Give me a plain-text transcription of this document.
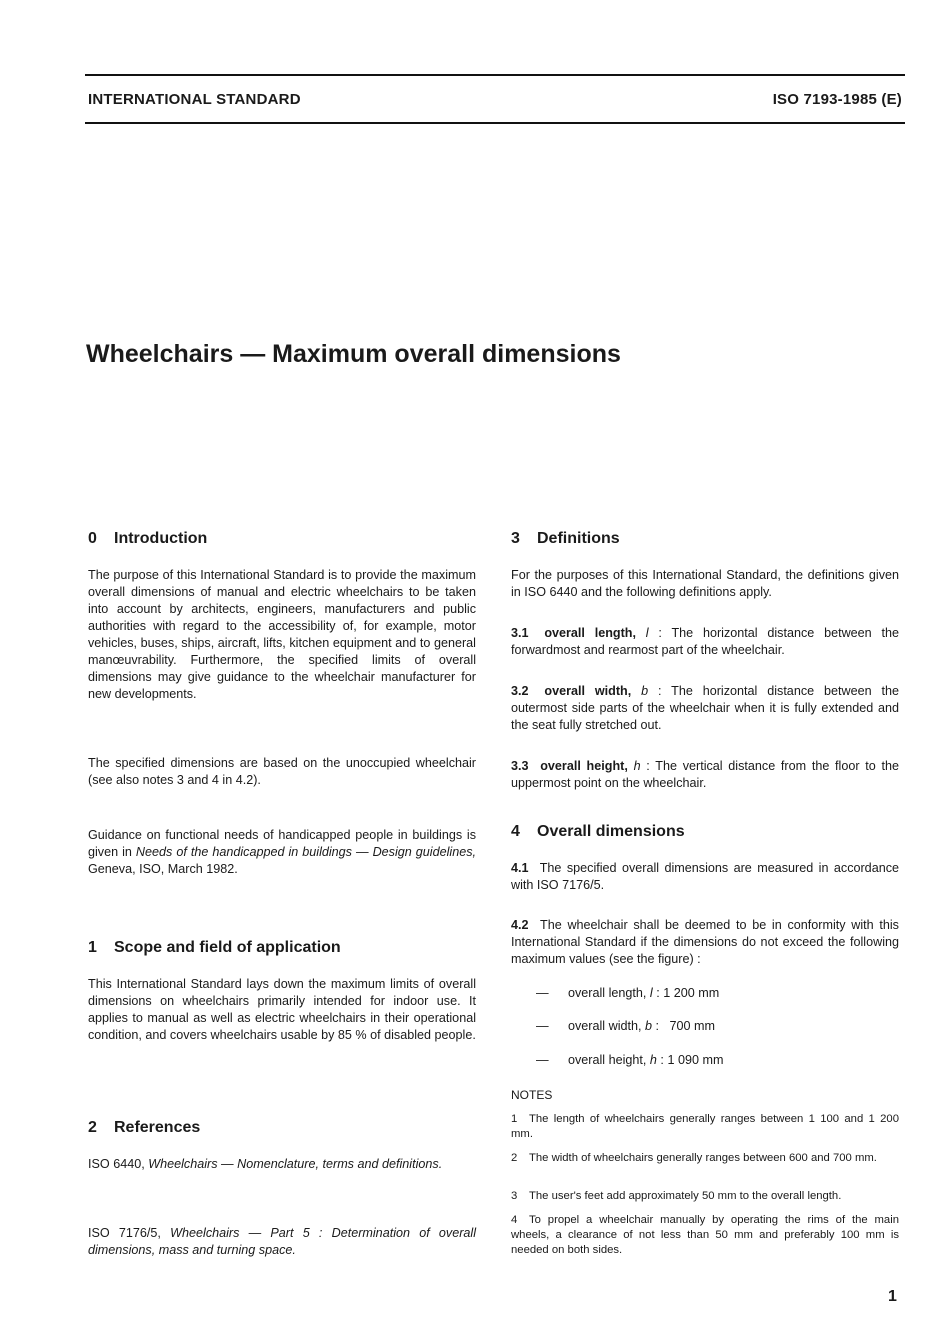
INTERNATIONAL STANDARD	ISO 7193-1985 (E)
Wheelchairs — Maximum overall dimensions
0 Introduction

The purpose of this International Standard is to provide the maximum overall dimensions of manual and electric wheelchairs to be taken into account by architects, engineers, manufacturers and public authorities with regard to the accessibility of, for example, motor vehicles, buses, ships, aircraft, lifts, kitchen equipment and to general manœuvrability. Furthermore, the specified limits of overall dimensions may give guidance to the wheelchair manufacturer for new developments.

The specified dimensions are based on the unoccupied wheelchair (see also notes 3 and 4 in 4.2).

Guidance on functional needs of handicapped people in buildings is given in Needs of the handicapped in buildings — Design guidelines, Geneva, ISO, March 1982.

1 Scope and field of application

This International Standard lays down the maximum limits of overall dimensions on wheelchairs primarily intended for indoor use. It applies to manual as well as electric wheelchairs in their operational condition, and covers wheelchairs usable by 85 % of disabled people.

2 References

ISO 6440, Wheelchairs — Nomenclature, terms and definitions.

ISO 7176/5, Wheelchairs — Part 5 : Determination of overall dimensions, mass and turning space.

3 Definitions

For the purposes of this International Standard, the definitions given in ISO 6440 and the following definitions apply.

3.1 overall length, l : The horizontal distance between the forwardmost and rearmost part of the wheelchair.

3.2 overall width, b : The horizontal distance between the outermost side parts of the wheelchair when it is fully extended and the seat fully stretched out.

3.3 overall height, h : The vertical distance from the floor to the uppermost point on the wheelchair.

4 Overall dimensions

4.1 The specified overall dimensions are measured in accordance with ISO 7176/5.

4.2 The wheelchair shall be deemed to be in conformity with this International Standard if the dimensions do not exceed the following maximum values (see the figure) :

— overall length, l : 1 200 mm
— overall width, b :   700 mm
— overall height, h : 1 090 mm
NOTES
1 The length of wheelchairs generally ranges between 1 100 and 1 200 mm.
2 The width of wheelchairs generally ranges between 600 and 700 mm.
3 The user's feet add approximately 50 mm to the overall length.
4 To propel a wheelchair manually by operating the rims of the main wheels, a clearance of not less than 50 mm and preferably 100 mm is needed on both sides.
1
